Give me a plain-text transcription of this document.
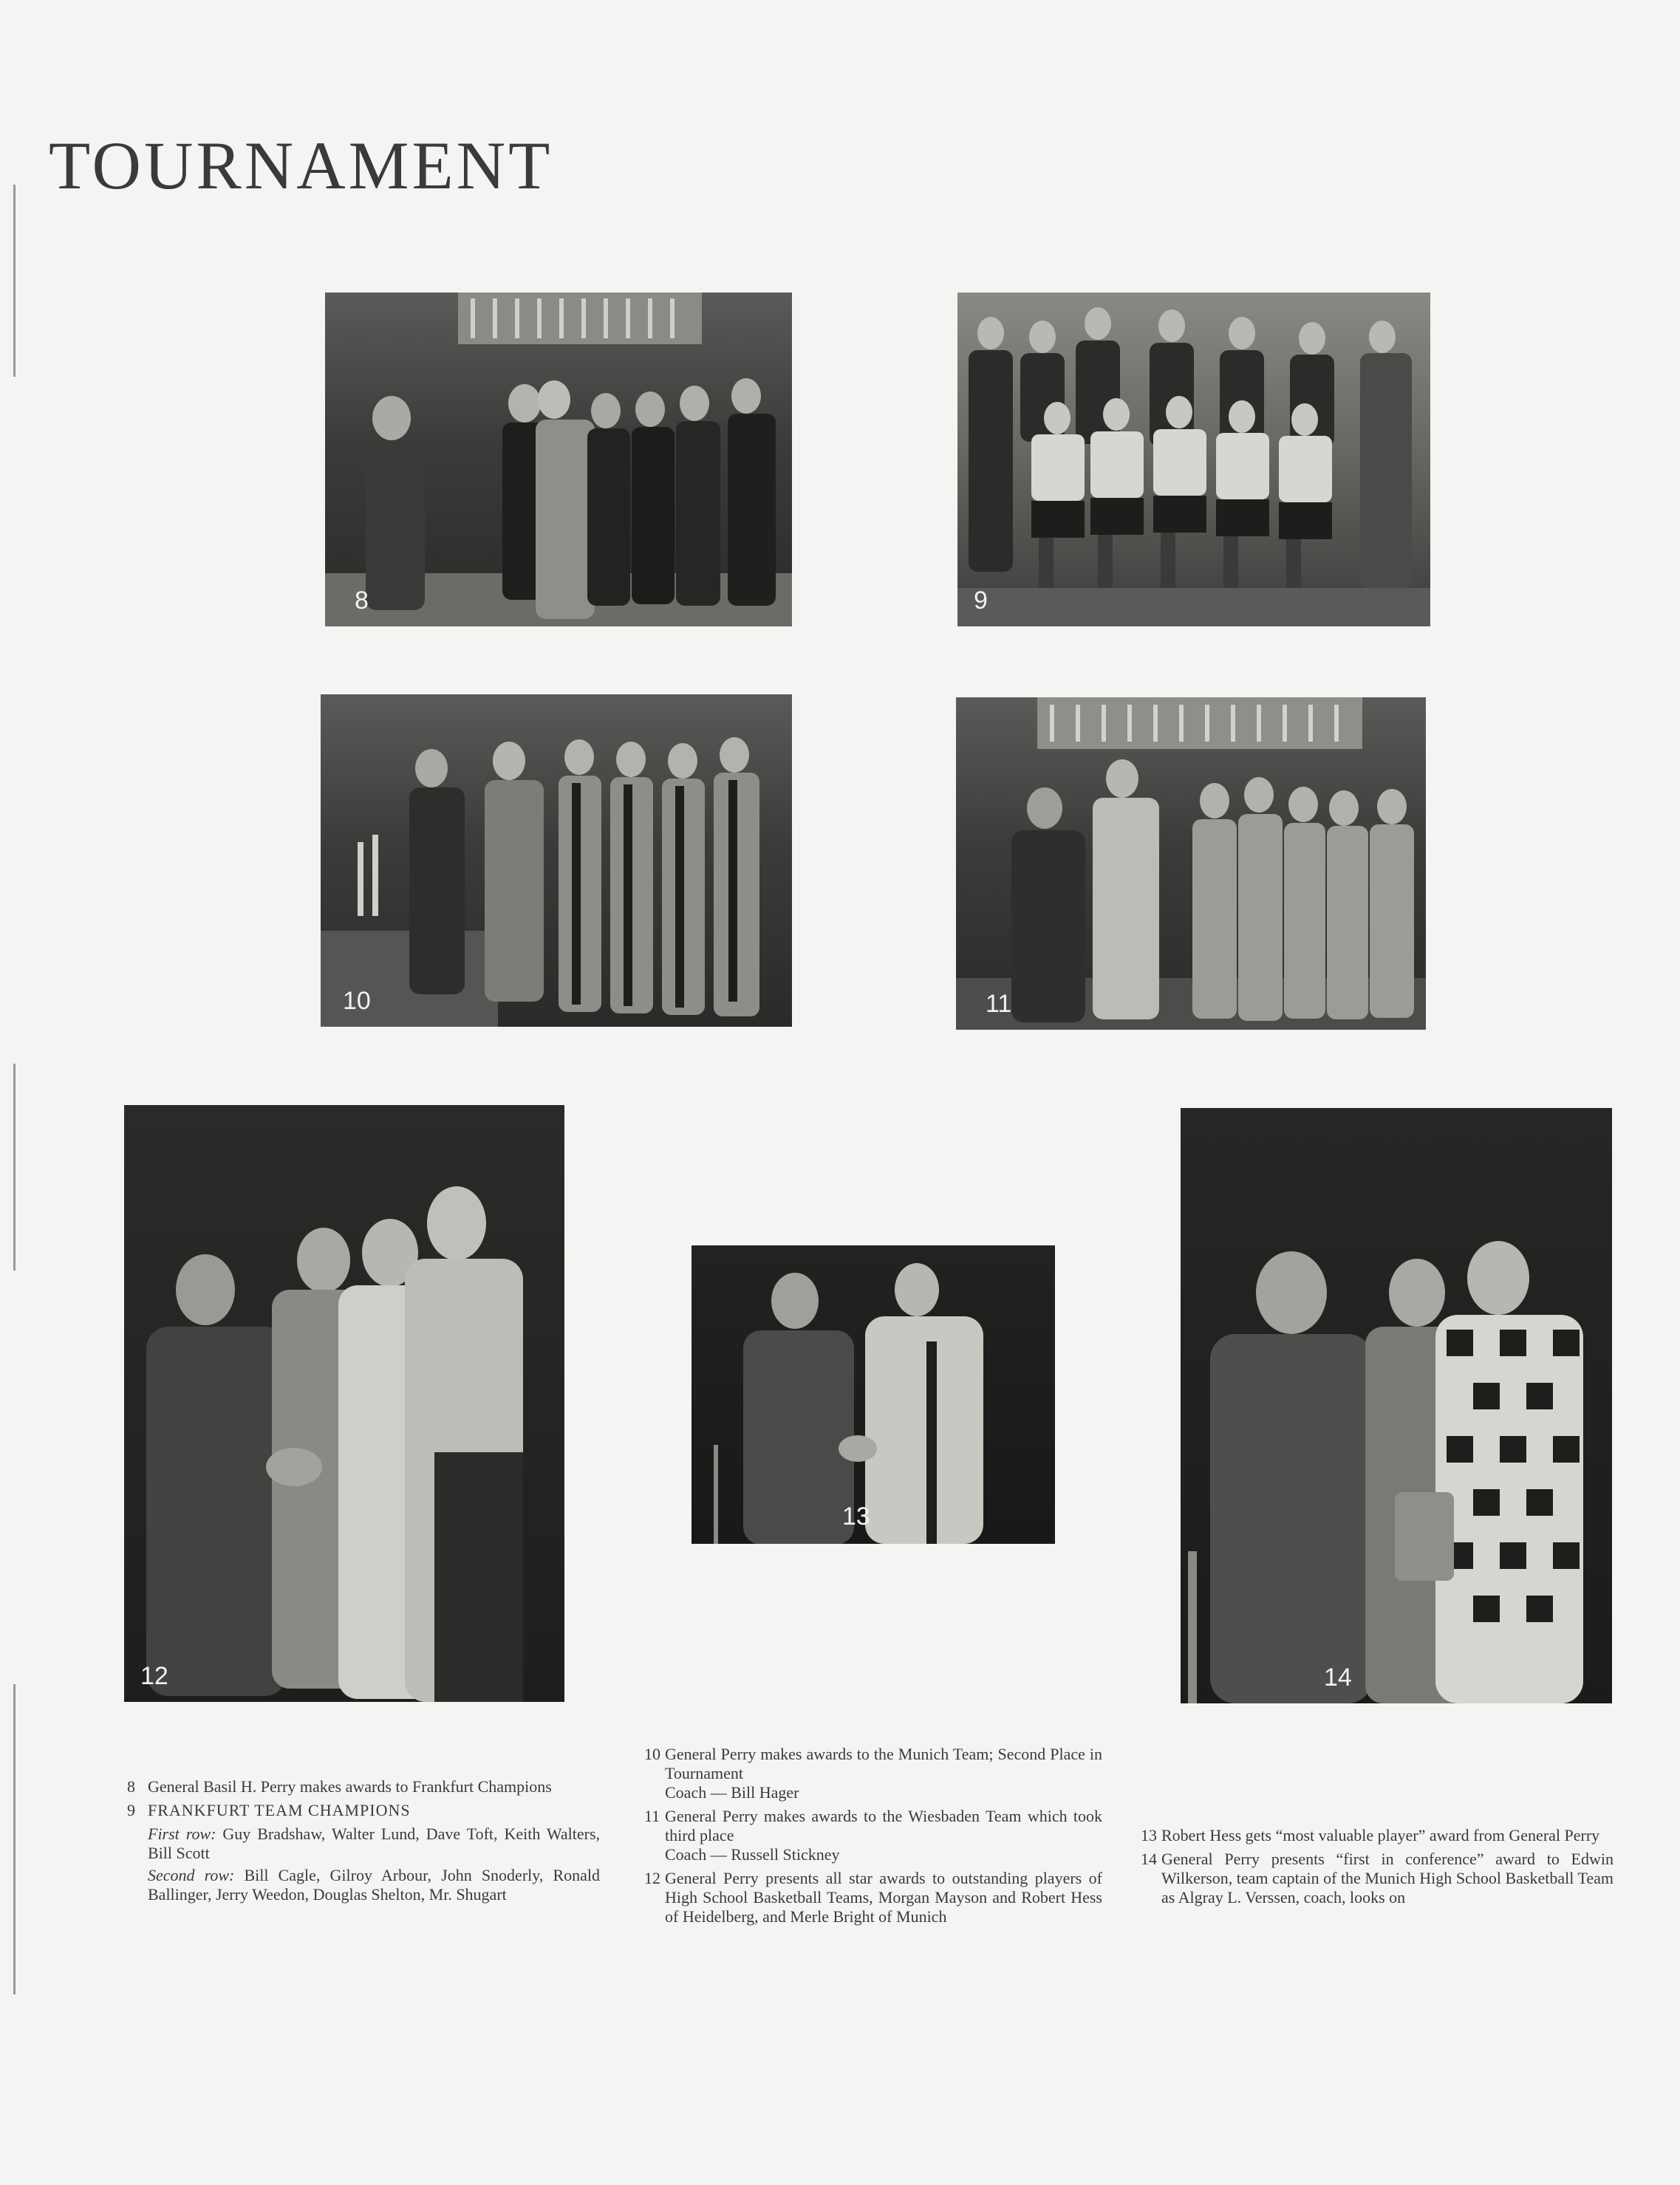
TOURNAMENT
8	9
10	11
12
13
14
8 General Basil H. Perry makes awards to Frankfurt Champions
9 FRANKFURT TEAM CHAMPIONS
First row: Guy Bradshaw, Walter Lund, Dave Toft, Keith Walters, Bill Scott
Second row: Bill Cagle, Gilroy Arbour, John Snoderly, Ronald Ballinger, Jerry Weedon, Douglas Shelton, Mr. Shugart
10 General Perry makes awards to the Munich Team; Second Place in Tournament
Coach — Bill Hager
11 General Perry makes awards to the Wiesbaden Team which took third place
Coach — Russell Stickney
12 General Perry presents all star awards to outstanding players of High School Basketball Teams, Morgan Mayson and Robert Hess of Heidelberg, and Merle Bright of Munich
13 Robert Hess gets “most valuable player” award from General Perry
14 General Perry presents “first in conference” award to Edwin Wilkerson, team captain of the Munich High School Basketball Team as Algray L. Verssen, coach, looks on
